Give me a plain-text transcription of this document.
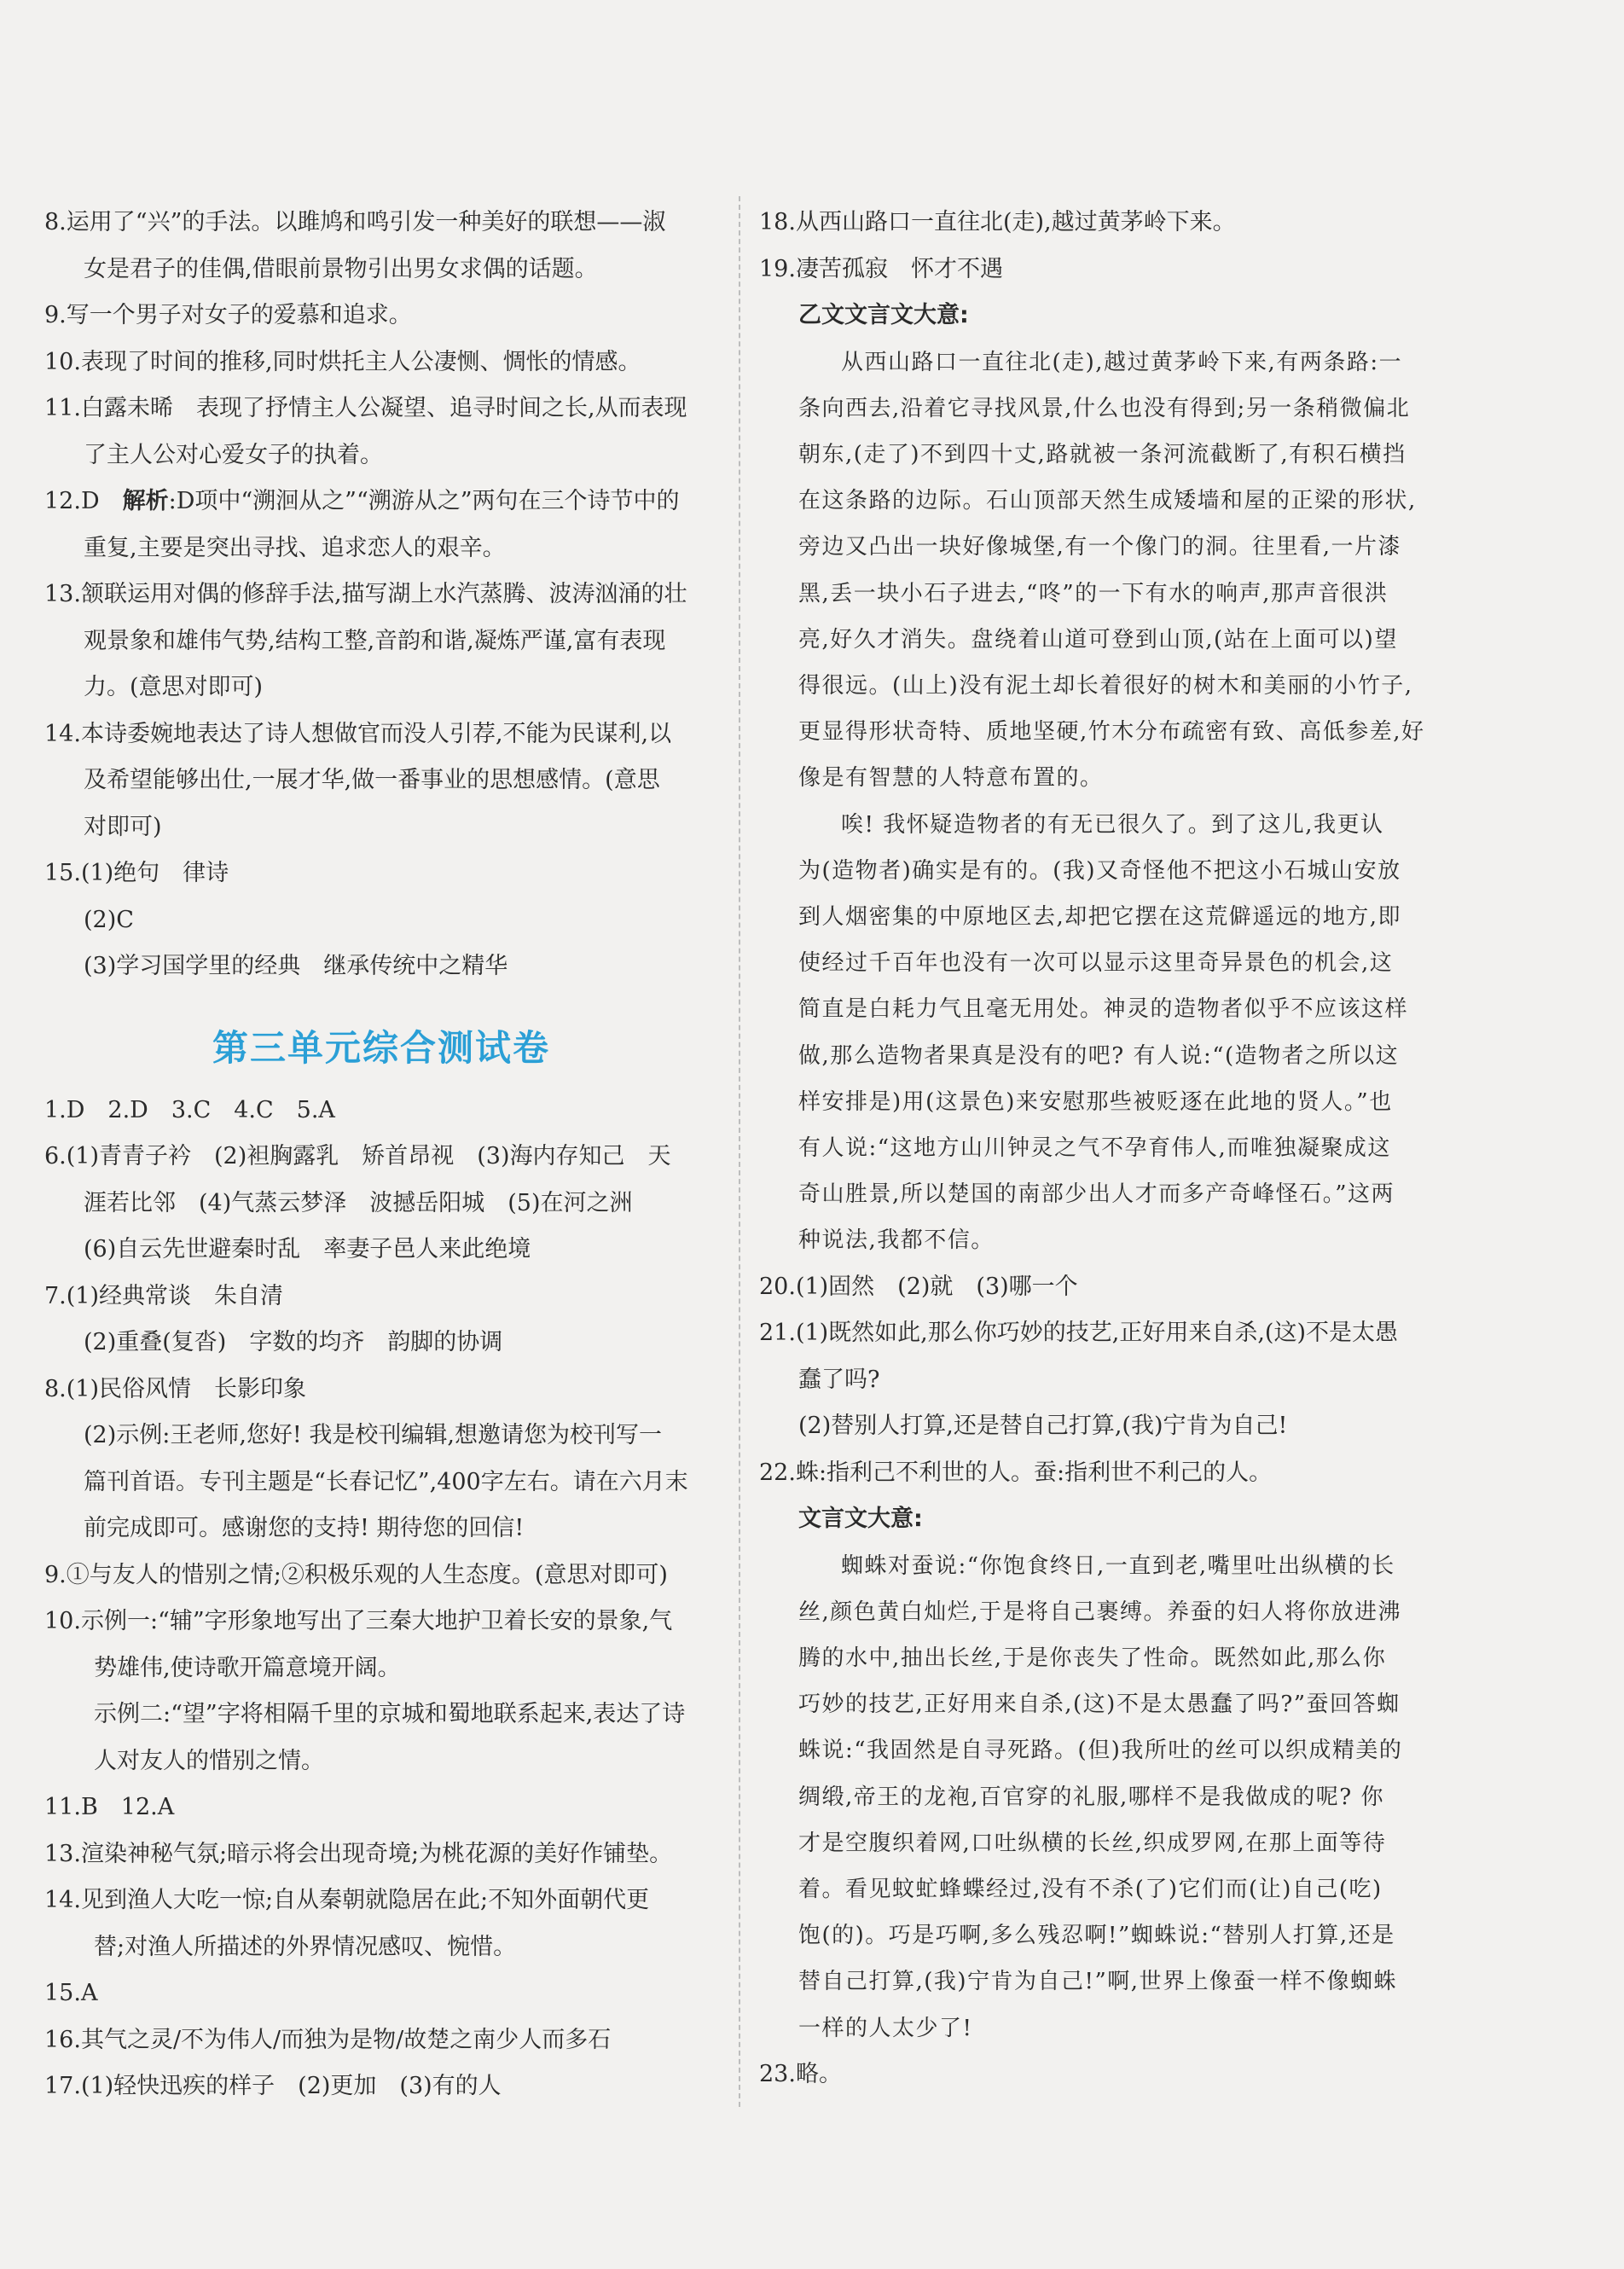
8.运用了“兴”的手法。以雎鸠和鸣引发一种美好的联想——淑
女是君子的佳偶,借眼前景物引出男女求偶的话题。
9.写一个男子对女子的爱慕和追求。
10.表现了时间的推移,同时烘托主人公凄恻、惆怅的情感。
11.白露未晞　表现了抒情主人公凝望、追寻时间之长,从而表现
了主人公对心爱女子的执着。
12.D　解析:D项中“溯洄从之”“溯游从之”两句在三个诗节中的
重复,主要是突出寻找、追求恋人的艰辛。
13.颔联运用对偶的修辞手法,描写湖上水汽蒸腾、波涛汹涌的壮
观景象和雄伟气势,结构工整,音韵和谐,凝炼严谨,富有表现
力。(意思对即可)
14.本诗委婉地表达了诗人想做官而没人引荐,不能为民谋利,以
及希望能够出仕,一展才华,做一番事业的思想感情。(意思
对即可)
15.(1)绝句　律诗
(2)C
(3)学习国学里的经典　继承传统中之精华
第三单元综合测试卷
1.D　2.D　3.C　4.C　5.A
6.(1)青青子衿　(2)袒胸露乳　矫首昂视　(3)海内存知己　天
涯若比邻　(4)气蒸云梦泽　波撼岳阳城　(5)在河之洲
(6)自云先世避秦时乱　率妻子邑人来此绝境
7.(1)经典常谈　朱自清
(2)重叠(复沓)　字数的均齐　韵脚的协调
8.(1)民俗风情　长影印象
(2)示例:王老师,您好! 我是校刊编辑,想邀请您为校刊写一
篇刊首语。专刊主题是“长春记忆”,400字左右。请在六月末
前完成即可。感谢您的支持! 期待您的回信!
9.①与友人的惜别之情;②积极乐观的人生态度。(意思对即可)
10.示例一:“辅”字形象地写出了三秦大地护卫着长安的景象,气
势雄伟,使诗歌开篇意境开阔。
示例二:“望”字将相隔千里的京城和蜀地联系起来,表达了诗
人对友人的惜别之情。
11.B　12.A
13.渲染神秘气氛;暗示将会出现奇境;为桃花源的美好作铺垫。
14.见到渔人大吃一惊;自从秦朝就隐居在此;不知外面朝代更
替;对渔人所描述的外界情况感叹、惋惜。
15.A
16.其气之灵/不为伟人/而独为是物/故楚之南少人而多石
17.(1)轻快迅疾的样子　(2)更加　(3)有的人
18.从西山路口一直往北(走),越过黄茅岭下来。
19.凄苦孤寂　怀才不遇
乙文文言文大意:
从西山路口一直往北(走),越过黄茅岭下来,有两条路:一
条向西去,沿着它寻找风景,什么也没有得到;另一条稍微偏北
朝东,(走了)不到四十丈,路就被一条河流截断了,有积石横挡
在这条路的边际。石山顶部天然生成矮墙和屋的正梁的形状,
旁边又凸出一块好像城堡,有一个像门的洞。往里看,一片漆
黑,丢一块小石子进去,“咚”的一下有水的响声,那声音很洪
亮,好久才消失。盘绕着山道可登到山顶,(站在上面可以)望
得很远。(山上)没有泥土却长着很好的树木和美丽的小竹子,
更显得形状奇特、质地坚硬,竹木分布疏密有致、高低参差,好
像是有智慧的人特意布置的。
唉! 我怀疑造物者的有无已很久了。到了这儿,我更认
为(造物者)确实是有的。(我)又奇怪他不把这小石城山安放
到人烟密集的中原地区去,却把它摆在这荒僻遥远的地方,即
使经过千百年也没有一次可以显示这里奇异景色的机会,这
简直是白耗力气且毫无用处。神灵的造物者似乎不应该这样
做,那么造物者果真是没有的吧? 有人说:“(造物者之所以这
样安排是)用(这景色)来安慰那些被贬逐在此地的贤人。”也
有人说:“这地方山川钟灵之气不孕育伟人,而唯独凝聚成这
奇山胜景,所以楚国的南部少出人才而多产奇峰怪石。”这两
种说法,我都不信。
20.(1)固然　(2)就　(3)哪一个
21.(1)既然如此,那么你巧妙的技艺,正好用来自杀,(这)不是太愚
蠢了吗?
(2)替别人打算,还是替自己打算,(我)宁肯为自己!
22.蛛:指利己不利世的人。蚕:指利世不利己的人。
文言文大意:
蜘蛛对蚕说:“你饱食终日,一直到老,嘴里吐出纵横的长
丝,颜色黄白灿烂,于是将自己裹缚。养蚕的妇人将你放进沸
腾的水中,抽出长丝,于是你丧失了性命。既然如此,那么你
巧妙的技艺,正好用来自杀,(这)不是太愚蠢了吗?”蚕回答蜘
蛛说:“我固然是自寻死路。(但)我所吐的丝可以织成精美的
绸缎,帝王的龙袍,百官穿的礼服,哪样不是我做成的呢? 你
才是空腹织着网,口吐纵横的长丝,织成罗网,在那上面等待
着。看见蚊虻蜂蝶经过,没有不杀(了)它们而(让)自己(吃)
饱(的)。巧是巧啊,多么残忍啊!”蜘蛛说:“替别人打算,还是
替自己打算,(我)宁肯为自己!”啊,世界上像蚕一样不像蜘蛛
一样的人太少了!
23.略。
